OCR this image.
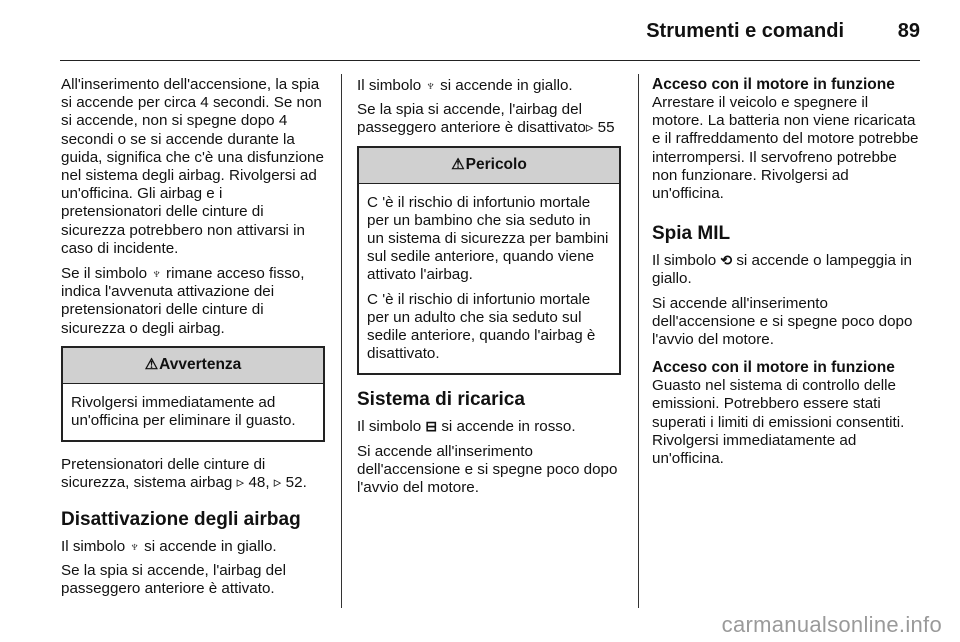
Strumenti e comandi	89

All'inserimento dell'accensione, la spia si accende per circa 4 secondi. Se non si accende, non si spegne dopo 4 secondi o se si accende durante la guida, significa che c'è una disfunzione nel sistema degli airbag. Rivolgersi ad un'officina. Gli airbag e i pretensionatori delle cinture di sicurezza potrebbero non attivarsi in caso di incidente.

Se il simbolo ♆ rimane acceso fisso, indica l'avvenuta attivazione dei pretensionatori delle cinture di sicurezza o degli airbag.

⚠ Avvertenza

Rivolgersi immediatamente ad un'officina per eliminare il guasto.

Pretensionatori delle cinture di sicurezza, sistema airbag ▹ 48, ▹ 52.

Disattivazione degli airbag

Il simbolo ♆ si accende in giallo.

Se la spia si accende, l'airbag del passeggero anteriore è attivato.

Il simbolo ♆ si accende in giallo.

Se la spia si accende, l'airbag del passeggero anteriore è disattivato▹ 55

⚠ Pericolo

C 'è il rischio di infortunio mortale per un bambino che sia seduto in un sistema di sicurezza per bambini sul sedile anteriore, quando viene attivato l'airbag.

C 'è il rischio di infortunio mortale per un adulto che sia seduto sul sedile anteriore, quando l'airbag è disattivato.

Sistema di ricarica

Il simbolo ⊟ si accende in rosso.

Si accende all'inserimento dell'accensione e si spegne poco dopo l'avvio del motore.

Acceso con il motore in funzione

Arrestare il veicolo e spegnere il motore. La batteria non viene ricaricata e il raffreddamento del motore potrebbe interrompersi. Il servofreno potrebbe non funzionare. Rivolgersi ad un'officina.

Spia MIL

Il simbolo ⟲ si accende o lampeggia in giallo.

Si accende all'inserimento dell'accensione e si spegne poco dopo l'avvio del motore.

Acceso con il motore in funzione

Guasto nel sistema di controllo delle emissioni. Potrebbero essere stati superati i limiti di emissioni consentiti. Rivolgersi immediatamente ad un'officina.

carmanualsonline.info
